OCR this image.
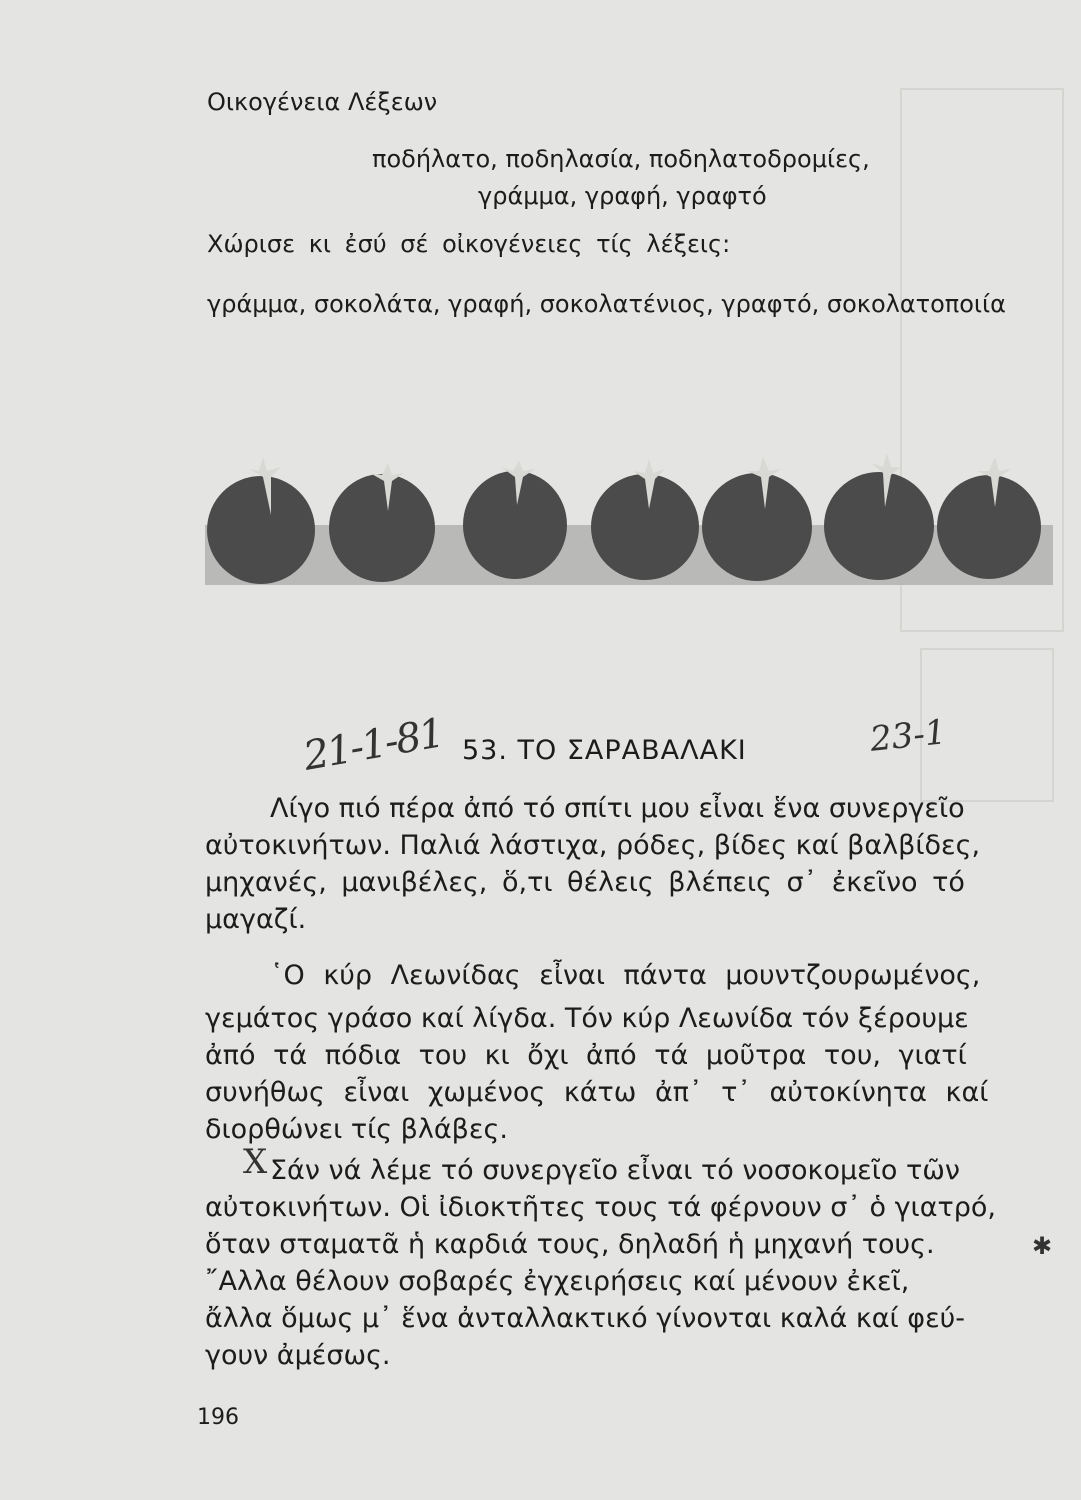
Οικογένεια Λέξεων
ποδήλατο, ποδηλασία, ποδηλατοδρομίες,
γράμμα, γραφή, γραφτό
Χώρισε κι ἐσύ σέ οἰκογένειες τίς λέξεις:
γράμμα, σοκολάτα, γραφή, σοκολατένιος, γραφτό, σοκολατοποιία
21-1-81	23-1
53. ΤΟ ΣΑΡΑΒΑΛΑΚΙ
Λίγο πιό πέρα ἀπό τό σπίτι μου εἶναι ἕνα συνεργεῖο
αὐτοκινήτων. Παλιά λάστιχα, ρόδες, βίδες καί βαλβίδες,
μηχανές, μανιβέλες, ὅ,τι θέλεις βλέπεις σ᾿ ἐκεῖνο τό
μαγαζί.
῾Ο κύρ Λεωνίδας εἶναι πάντα μουντζουρωμένος,
γεμάτος γράσο καί λίγδα. Τόν κύρ Λεωνίδα τόν ξέρουμε
ἀπό τά πόδια του κι ὄχι ἀπό τά μοῦτρα του, γιατί
συνήθως εἶναι χωμένος κάτω ἀπ᾿ τ᾿ αὐτοκίνητα καί
διορθώνει τίς βλάβες.
Σάν νά λέμε τό συνεργεῖο εἶναι τό νοσοκομεῖο τῶν
αὐτοκινήτων. Οἱ ἰδιοκτῆτες τους τά φέρνουν σ᾿ ὁ γιατρό,
ὅταν σταματᾶ ἡ καρδιά τους, δηλαδή ἡ μηχανή τους.
῎Αλλα θέλουν σοβαρές ἐγχειρήσεις καί μένουν ἐκεῖ,
ἄλλα ὅμως μ᾿ ἕνα ἀνταλλακτικό γίνονται καλά καί φεύ-
γουν ἀμέσως.
X
✱
196
